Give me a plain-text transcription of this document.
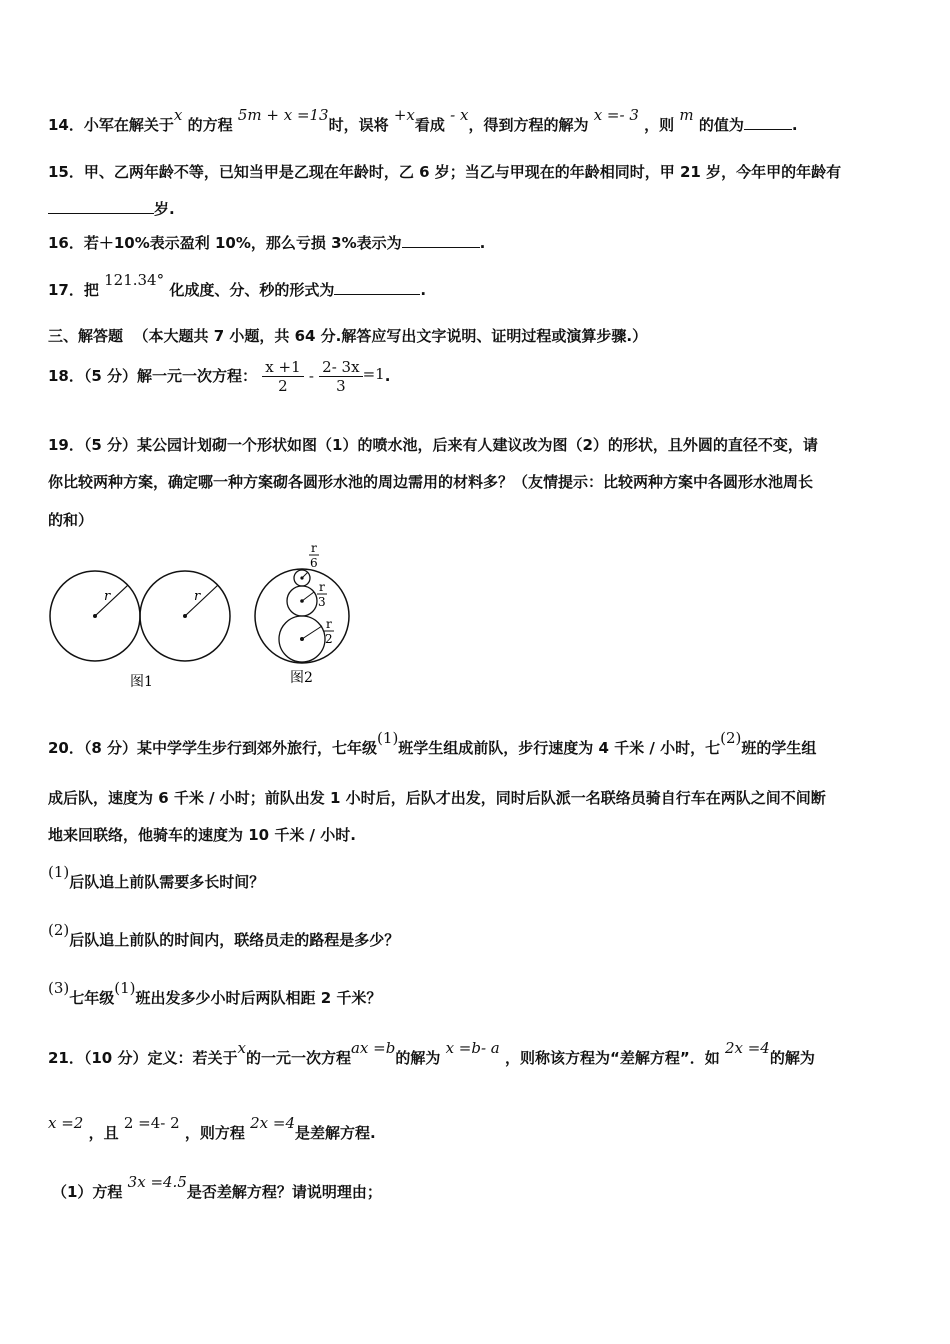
14．小军在解关于x 的方程 5m + x =13时，误将 +x看成 - x，得到方程的解为 x =- 3 ，则 m 的值为	.
15．甲、乙两年龄不等，已知当甲是乙现在年龄时，乙 6 岁；当乙与甲现在的年龄相同时，甲 21 岁，今年甲的年龄有
岁.
16．若＋10%表示盈利 10%，那么亏损 3%表示为	.
17．把 121.34° 化成度、分、秒的形式为	.
三、解答题 （本大题共 7 小题，共 64 分.解答应写出文字说明、证明过程或演算步骤.）
18．（5 分）解一元一次方程： $\frac{x +1}{2} - \frac{2- 3x}{3} =1$.
19．（5 分）某公园计划砌一个形状如图（1）的喷水池，后来有人建议改为图（2）的形状，且外圆的直径不变，请
你比较两种方案，确定哪一种方案砌各圆形水池的周边需用的材料多？（友情提示：比较两种方案中各圆形水池周长
的和）
r	r
图1
r
6
r
3
r
2
图2
20．（8 分）某中学学生步行到郊外旅行，七年级(1)班学生组成前队，步行速度为 4 千米 / 小时，七(2)班的学生组
成后队，速度为 6 千米 / 小时；前队出发 1 小时后，后队才出发，同时后队派一名联络员骑自行车在两队之间不间断
地来回联络，他骑车的速度为 10 千米 / 小时.
(1)后队追上前队需要多长时间？
(2)后队追上前队的时间内，联络员走的路程是多少？
(3)七年级(1)班出发多少小时后两队相距 2 千米？
21．（10 分）定义：若关于x的一元一次方程ax =b的解为 x =b- a ，则称该方程为“差解方程”．如 2x =4的解为
x =2 ，且 2 =4- 2 ，则方程 2x =4是差解方程.
（1）方程 3x =4.5是否差解方程？请说明理由；
